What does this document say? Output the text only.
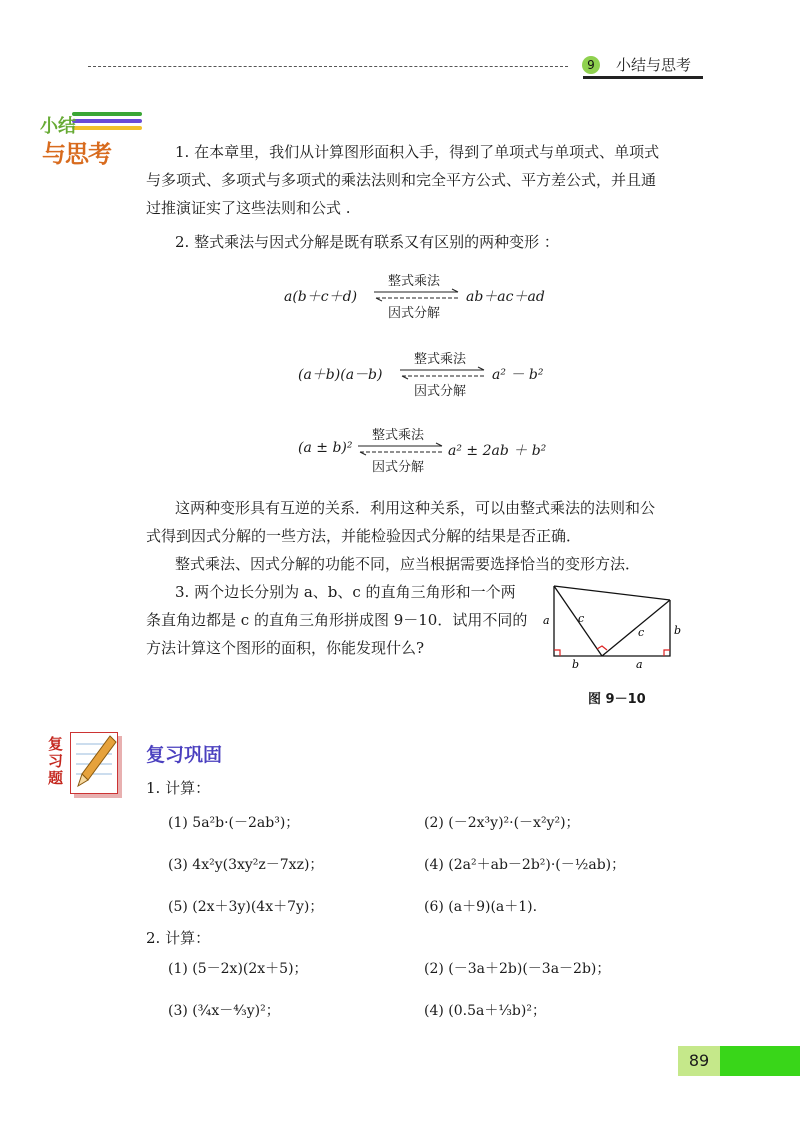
9	小结与思考
小结
与思考	1. 在本章里，我们从计算图形面积入手，得到了单项式与单项式、单项式
与多项式、多项式与多项式的乘法法则和完全平方公式、平方差公式，并且通
过推演证实了这些法则和公式 .
2. 整式乘法与因式分解是既有联系又有区别的两种变形 ：
a(b＋c＋d)
整式乘法
因式分解
ab＋ac＋ad
(a＋b)(a－b)
整式乘法
因式分解
a² － b²
(a ± b)²
整式乘法
因式分解
a² ± 2ab ＋ b²
这两种变形具有互逆的关系．利用这种关系，可以由整式乘法的法则和公
式得到因式分解的一些方法，并能检验因式分解的结果是否正确．
整式乘法、因式分解的功能不同，应当根据需要选择恰当的变形方法．
3. 两个边长分别为 a、b、c 的直角三角形和一个两
条直角边都是 c 的直角三角形拼成图 9－10．试用不同的
方法计算这个图形的面积，你能发现什么?
a	c
c	b
b	a
图 9－10
复习题
复习巩固
1. 计算：
(1) 5a²b·(－2ab³)；	(2) (－2x³y)²·(－x²y²)；
(3) 4x²y(3xy²z－7xz)；	(4) (2a²＋ab－2b²)·(－½ab)；
(5) (2x＋3y)(4x＋7y)；	(6) (a＋9)(a＋1).
2. 计算：
(1) (5－2x)(2x＋5)；	(2) (－3a＋2b)(－3a－2b)；
(3) (¾x－⁴⁄₃y)²；	(4) (0.5a＋⅓b)²；
89
